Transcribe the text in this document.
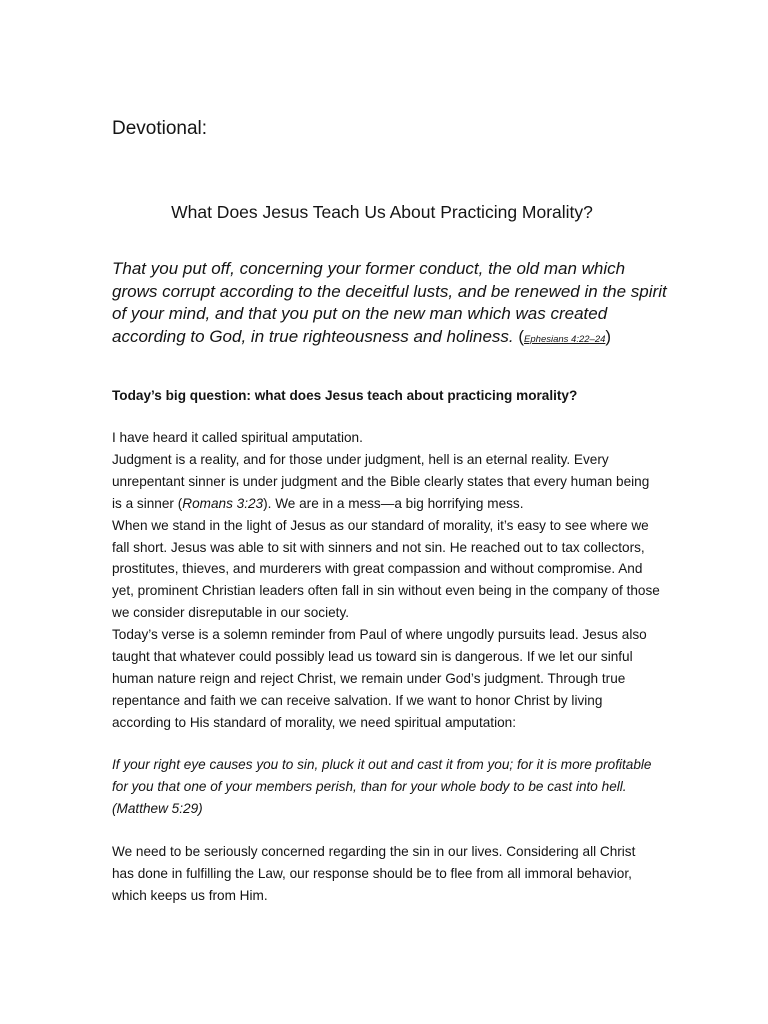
Devotional:
What Does Jesus Teach Us About Practicing Morality?

That you put off, concerning your former conduct, the old man which grows corrupt according to the deceitful lusts, and be renewed in the spirit of your mind, and that you put on the new man which was created according to God, in true righteousness and holiness. (Ephesians 4:22–24)

Today’s big question: what does Jesus teach about practicing morality?

I have heard it called spiritual amputation.

Judgment is a reality, and for those under judgment, hell is an eternal reality. Every unrepentant sinner is under judgment and the Bible clearly states that every human being is a sinner (Romans 3:23). We are in a mess—a big horrifying mess.

When we stand in the light of Jesus as our standard of morality, it’s easy to see where we fall short. Jesus was able to sit with sinners and not sin. He reached out to tax collectors, prostitutes, thieves, and murderers with great compassion and without compromise. And yet, prominent Christian leaders often fall in sin without even being in the company of those we consider disreputable in our society.

Today’s verse is a solemn reminder from Paul of where ungodly pursuits lead. Jesus also taught that whatever could possibly lead us toward sin is dangerous. If we let our sinful human nature reign and reject Christ, we remain under God’s judgment. Through true repentance and faith we can receive salvation. If we want to honor Christ by living according to His standard of morality, we need spiritual amputation:

If your right eye causes you to sin, pluck it out and cast it from you; for it is more profitable for you that one of your members perish, than for your whole body to be cast into hell. (Matthew 5:29)

We need to be seriously concerned regarding the sin in our lives. Considering all Christ has done in fulfilling the Law, our response should be to flee from all immoral behavior, which keeps us from Him.
